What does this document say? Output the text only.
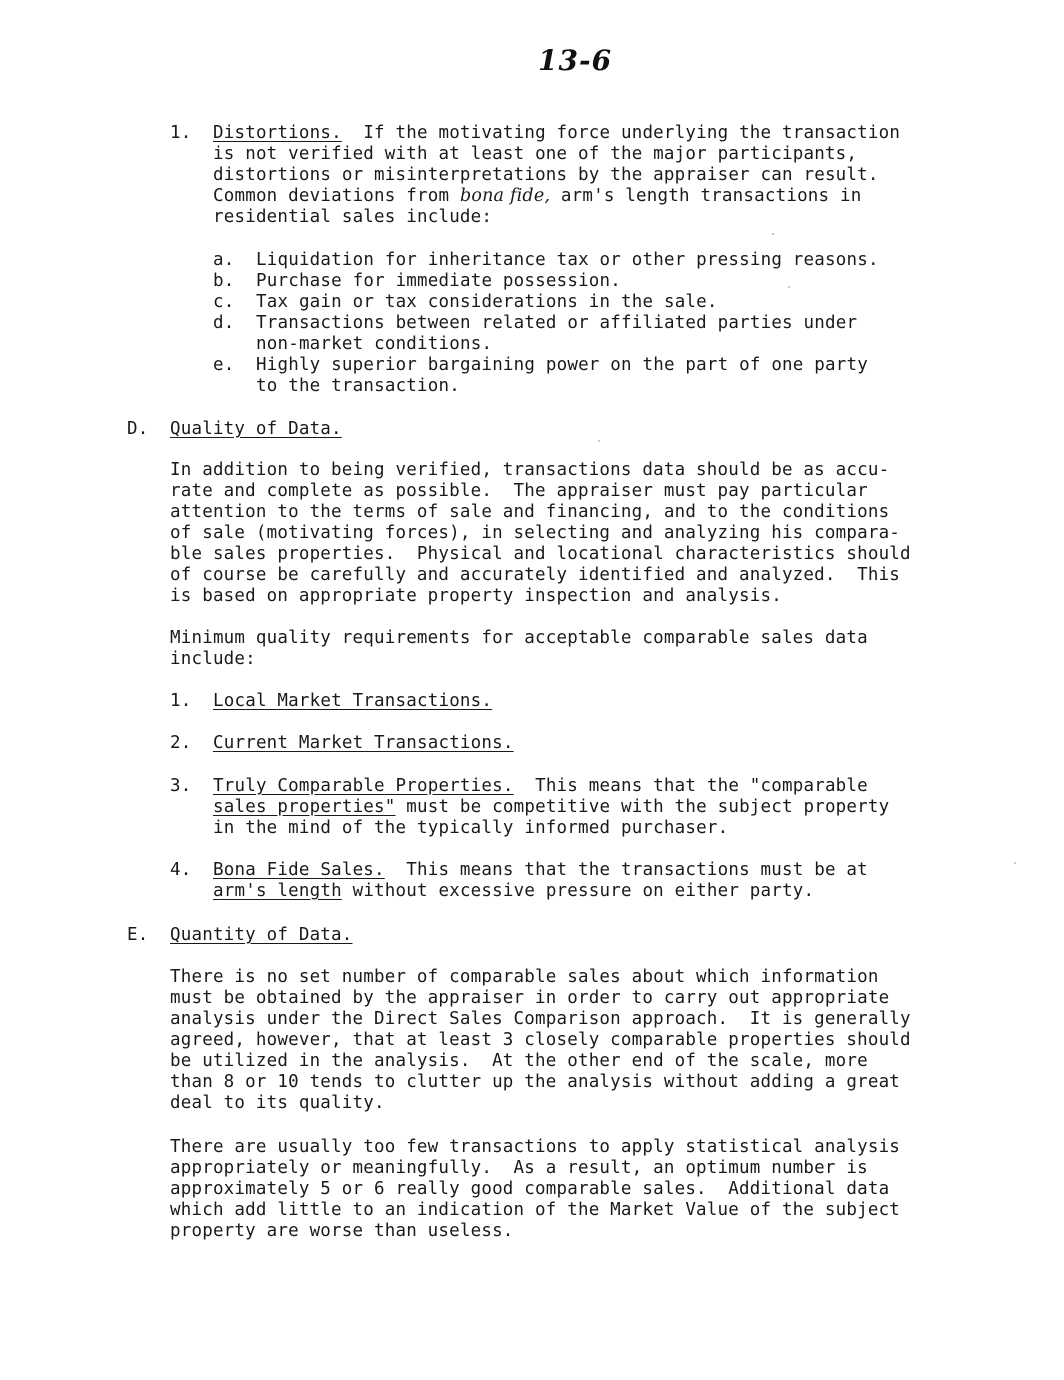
13-6
1. Distortions.  If the motivating force underlying the transaction
is not verified with at least one of the major participants,
distortions or misinterpretations by the appraiser can result.
Common deviations from bona fide, arm's length transactions in
residential sales include:
a. Liquidation for inheritance tax or other pressing reasons.
b. Purchase for immediate possession.
c. Tax gain or tax considerations in the sale.
d. Transactions between related or affiliated parties under
non-market conditions.
e. Highly superior bargaining power on the part of one party
to the transaction.
D. Quality of Data.
In addition to being verified, transactions data should be as accu-
rate and complete as possible.  The appraiser must pay particular
attention to the terms of sale and financing, and to the conditions
of sale (motivating forces), in selecting and analyzing his compara-
ble sales properties.  Physical and locational characteristics should
of course be carefully and accurately identified and analyzed.  This
is based on appropriate property inspection and analysis.
Minimum quality requirements for acceptable comparable sales data
include:
1. Local Market Transactions.
2. Current Market Transactions.
3. Truly Comparable Properties.  This means that the "comparable
sales properties" must be competitive with the subject property
in the mind of the typically informed purchaser.
4. Bona Fide Sales.  This means that the transactions must be at
arm's length without excessive pressure on either party.
E. Quantity of Data.
There is no set number of comparable sales about which information
must be obtained by the appraiser in order to carry out appropriate
analysis under the Direct Sales Comparison approach.  It is generally
agreed, however, that at least 3 closely comparable properties should
be utilized in the analysis.  At the other end of the scale, more
than 8 or 10 tends to clutter up the analysis without adding a great
deal to its quality.
There are usually too few transactions to apply statistical analysis
appropriately or meaningfully.  As a result, an optimum number is
approximately 5 or 6 really good comparable sales.  Additional data
which add little to an indication of the Market Value of the subject
property are worse than useless.
